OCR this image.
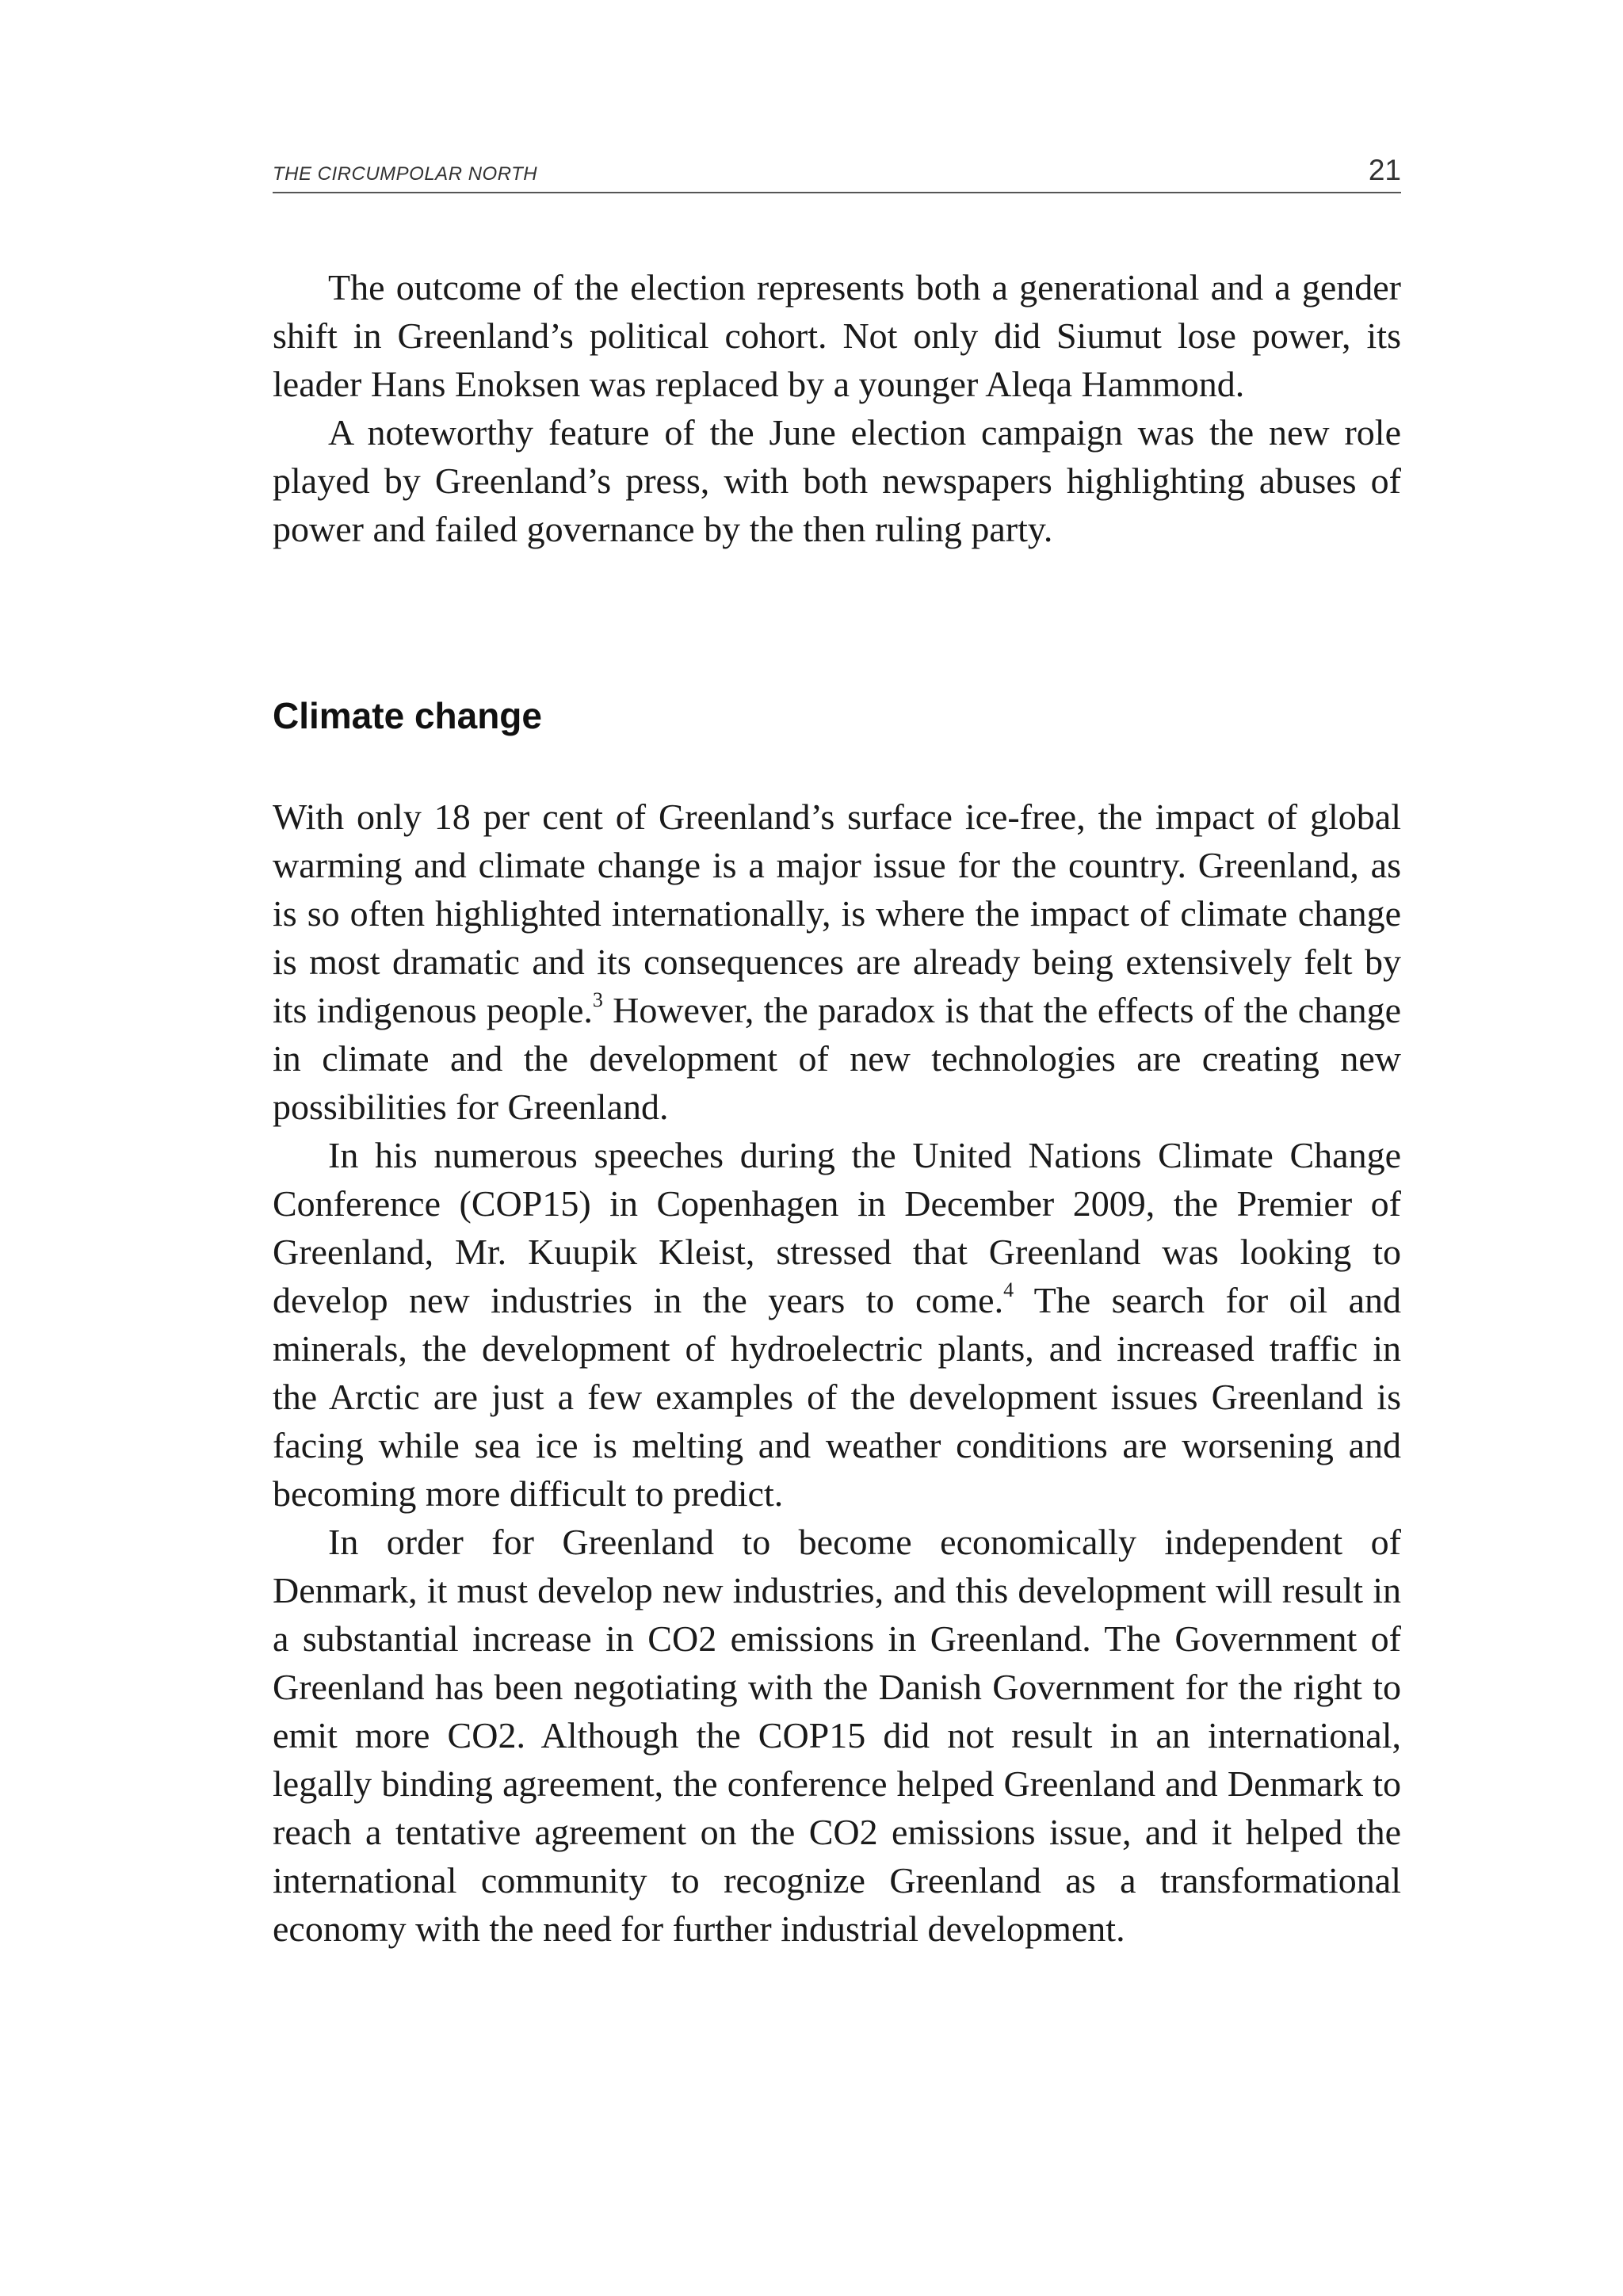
THE CIRCUMPOLAR NORTH	21

The outcome of the election represents both a generational and a gender shift in Greenland’s political cohort. Not only did Siumut lose power, its leader Hans Enoksen was replaced by a younger Aleqa Hammond.

A noteworthy feature of the June election campaign was the new role played by Greenland’s press, with both newspapers highlighting abuses of power and failed governance by the then ruling party.

Climate change

With only 18 per cent of Greenland’s surface ice-free, the impact of global warming and climate change is a major issue for the country. Greenland, as is so often highlighted internationally, is where the impact of climate change is most dramatic and its consequences are already being extensively felt by its indigenous people.$^3$ However, the paradox is that the effects of the change in climate and the development of new technologies are creating new possibilities for Greenland.

In his numerous speeches during the United Nations Climate Change Conference (COP15) in Copenhagen in December 2009, the Premier of Greenland, Mr. Kuupik Kleist, stressed that Greenland was looking to develop new industries in the years to come.$^4$ The search for oil and minerals, the development of hydroelectric plants, and increased traffic in the Arctic are just a few examples of the development issues Greenland is facing while sea ice is melting and weather conditions are worsening and becoming more difficult to predict.

In order for Greenland to become economically independent of Denmark, it must develop new industries, and this development will result in a substantial increase in CO2 emissions in Greenland. The Government of Greenland has been negotiating with the Danish Government for the right to emit more CO2. Although the COP15 did not result in an international, legally binding agreement, the conference helped Greenland and Denmark to reach a tentative agreement on the CO2 emissions issue, and it helped the international community to recognize Greenland as a transformational economy with the need for further industrial development.
